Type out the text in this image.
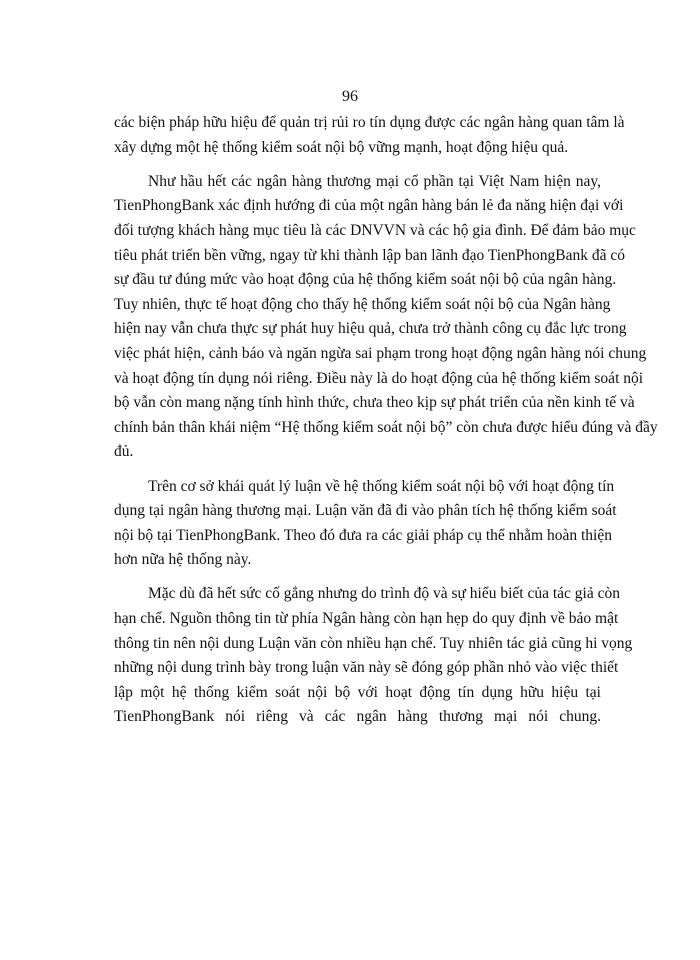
96
các biện pháp hữu hiệu để quản trị rủi ro tín dụng được các ngân hàng quan tâm là
xây dựng một hệ thống kiểm soát nội bộ vững mạnh, hoạt động hiệu quả.
Như hầu hết các ngân hàng thương mại cổ phần tại Việt Nam hiện nay,
TienPhongBank xác định hướng đi của một ngân hàng bán lẻ đa năng hiện đại với
đối tượng khách hàng mục tiêu là các DNVVN và các hộ gia đình. Để đảm bảo mục
tiêu phát triển bền vững, ngay từ khi thành lập ban lãnh đạo TienPhongBank đã có
sự đầu tư đúng mức vào hoạt động của hệ thống kiểm soát nội bộ của ngân hàng.
Tuy nhiên, thực tế hoạt động cho thấy hệ thống kiểm soát nội bộ của Ngân hàng
hiện nay vẫn chưa thực sự phát huy hiệu quả, chưa trở thành công cụ đắc lực trong
việc phát hiện, cảnh báo và ngăn ngừa sai phạm trong hoạt động ngân hàng nói chung
và hoạt động tín dụng nói riêng. Điều này là do hoạt động của hệ thống kiểm soát nội
bộ vẫn còn mang nặng tính hình thức, chưa theo kịp sự phát triển của nền kinh tế và
chính bản thân khái niệm “Hệ thống kiểm soát nội bộ” còn chưa được hiểu đúng và đầy
đủ.
Trên cơ sở khái quát lý luận về hệ thống kiểm soát nội bộ với hoạt động tín
dụng tại ngân hàng thương mại. Luận văn đã đi vào phân tích hệ thống kiểm soát
nội bộ tại TienPhongBank. Theo đó đưa ra các giải pháp cụ thể nhằm hoàn thiện
hơn nữa hệ thống này.
Mặc dù đã hết sức cố gắng nhưng do trình độ và sự hiểu biết của tác giả còn
hạn chế. Nguồn thông tin từ phía Ngân hàng còn hạn hẹp do quy định về bảo mật
thông tin nên nội dung Luận văn còn nhiều hạn chế. Tuy nhiên tác giả cũng hi vọng
những nội dung trình bày trong luận văn này sẽ đóng góp phần nhỏ vào việc thiết
lập một hệ thống kiểm soát nội bộ với hoạt động tín dụng hữu hiệu tại
TienPhongBank nói riêng và các ngân hàng thương mại nói chung.
